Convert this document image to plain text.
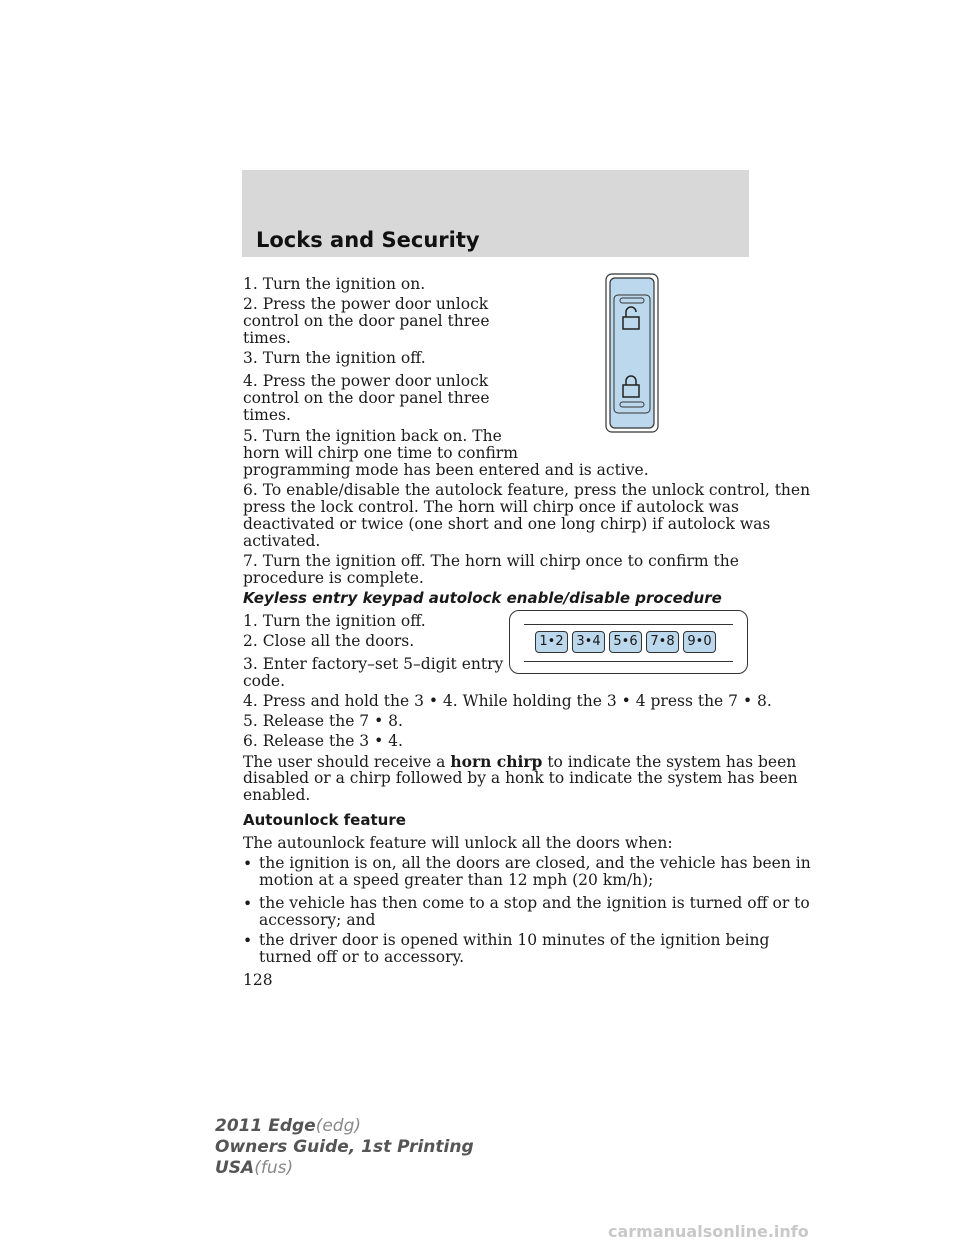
Locks and Security
1. Turn the ignition on.
2. Press the power door unlock
control on the door panel three
times.
3. Turn the ignition off.
4. Press the power door unlock
control on the door panel three
times.
5. Turn the ignition back on. The
horn will chirp one time to confirm
programming mode has been entered and is active.
6. To enable/disable the autolock feature, press the unlock control, then
press the lock control. The horn will chirp once if autolock was
deactivated or twice (one short and one long chirp) if autolock was
activated.
7. Turn the ignition off. The horn will chirp once to confirm the
procedure is complete.
Keyless entry keypad autolock enable/disable procedure
1. Turn the ignition off.
2. Close all the doors.
3. Enter factory–set 5–digit entry
code.
4. Press and hold the 3 • 4. While holding the 3 • 4 press the 7 • 8.
5. Release the 7 • 8.
6. Release the 3 • 4.
1•2 3•4 5•6 7•8 9•0
The user should receive a horn chirp to indicate the system has been
disabled or a chirp followed by a honk to indicate the system has been
enabled.
Autounlock feature
The autounlock feature will unlock all the doors when:
• the ignition is on, all the doors are closed, and the vehicle has been in
motion at a speed greater than 12 mph (20 km/h);
• the vehicle has then come to a stop and the ignition is turned off or to
accessory; and
• the driver door is opened within 10 minutes of the ignition being
turned off or to accessory.
128
2011 Edge(edg)
Owners Guide, 1st Printing
USA(fus)
carmanualsonline.info
